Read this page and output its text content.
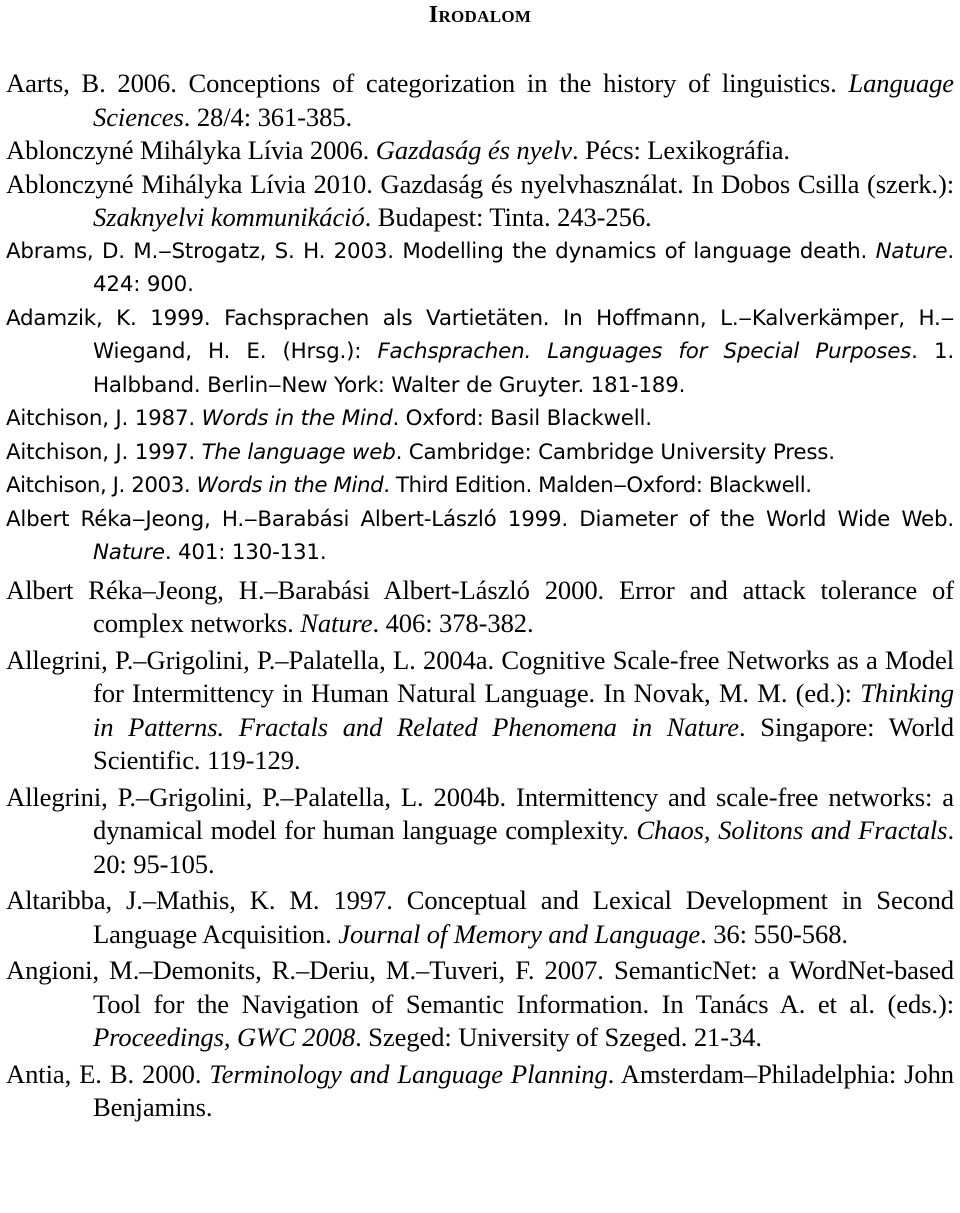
IRODALOM
Aarts, B. 2006. Conceptions of categorization in the history of linguistics. Language Sciences. 28/4: 361-385.
Ablonczyné Mihályka Lívia 2006. Gazdaság és nyelv. Pécs: Lexikográfia.
Ablonczyné Mihályka Lívia 2010. Gazdaság és nyelvhasználat. In Dobos Csilla (szerk.): Szaknyelvi kommunikáció. Budapest: Tinta. 243-256.
Abrams, D. M.‒Strogatz, S. H. 2003. Modelling the dynamics of language death. Nature. 424: 900.
Adamzik, K. 1999. Fachsprachen als Vartietäten. In Hoffmann, L.‒Kalverkämper, H.‒Wiegand, H. E. (Hrsg.): Fachsprachen. Languages for Special Purposes. 1. Halbband. Berlin‒New York: Walter de Gruyter. 181-189.
Aitchison, J. 1987. Words in the Mind. Oxford: Basil Blackwell.
Aitchison, J. 1997. The language web. Cambridge: Cambridge University Press.
Aitchison, J. 2003. Words in the Mind. Third Edition. Malden‒Oxford: Blackwell.
Albert Réka‒Jeong, H.‒Barabási Albert-László 1999. Diameter of the World Wide Web. Nature. 401: 130-131.
Albert Réka‒Jeong, H.‒Barabási Albert-László 2000. Error and attack tolerance of complex networks. Nature. 406: 378-382.
Allegrini, P.‒Grigolini, P.‒Palatella, L. 2004a. Cognitive Scale-free Networks as a Model for Intermittency in Human Natural Language. In Novak, M. M. (ed.): Thinking in Patterns. Fractals and Related Phenomena in Nature. Singapore: World Scientific. 119-129.
Allegrini, P.‒Grigolini, P.‒Palatella, L. 2004b. Intermittency and scale-free networks: a dynamical model for human language complexity. Chaos, Solitons and Fractals. 20: 95-105.
Altaribba, J.‒Mathis, K. M. 1997. Conceptual and Lexical Development in Second Language Acquisition. Journal of Memory and Language. 36: 550-568.
Angioni, M.‒Demonits, R.‒Deriu, M.‒Tuveri, F. 2007. SemanticNet: a WordNet-based Tool for the Navigation of Semantic Information. In Tanács A. et al. (eds.): Proceedings, GWC 2008. Szeged: University of Szeged. 21-34.
Antia, E. B. 2000. Terminology and Language Planning. Amsterdam‒Philadelphia: John Benjamins.
